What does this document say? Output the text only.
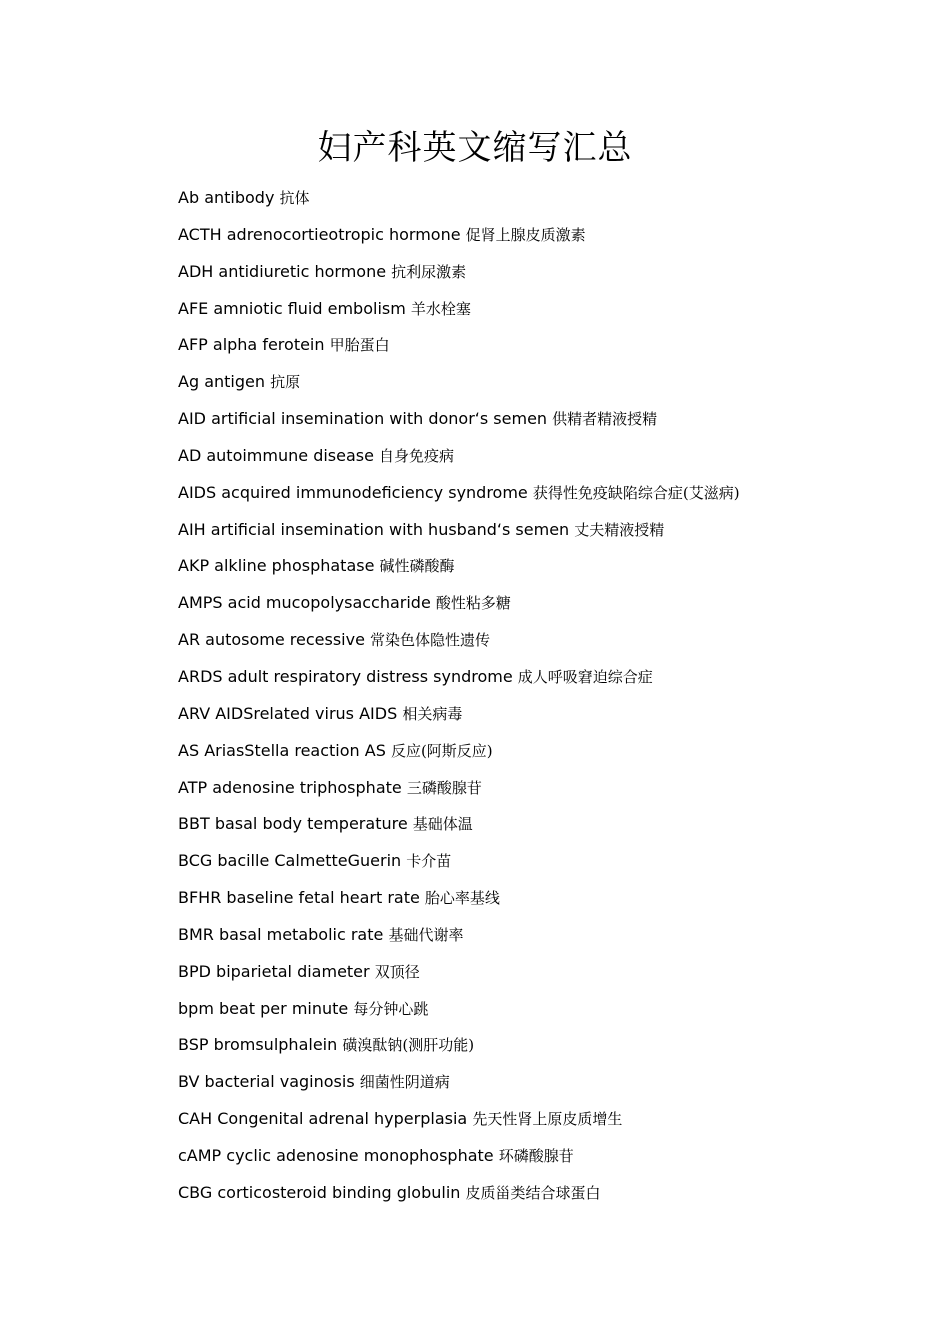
妇产科英文缩写汇总
Ab antibody 抗体
ACTH adrenocortieotropic hormone 促肾上腺皮质激素
ADH antidiuretic hormone 抗利尿激素
AFE amniotic fluid embolism 羊水栓塞
AFP alpha ferotein 甲胎蛋白
Ag antigen 抗原
AID artificial insemination with donor‘s semen 供精者精液授精
AD autoimmune disease 自身免疫病
AIDS acquired immunodeficiency syndrome 获得性免疫缺陷综合症(艾滋病)
AIH artificial insemination with husband‘s semen 丈夫精液授精
AKP alkline phosphatase 碱性磷酸酶
AMPS acid mucopolysaccharide 酸性粘多糖
AR autosome recessive 常染色体隐性遗传
ARDS adult respiratory distress syndrome 成人呼吸窘迫综合症
ARV AIDSrelated virus AIDS 相关病毒
AS AriasStella reaction AS 反应(阿斯反应)
ATP adenosine triphosphate 三磷酸腺苷
BBT basal body temperature 基础体温
BCG bacille CalmetteGuerin 卡介苗
BFHR baseline fetal heart rate 胎心率基线
BMR basal metabolic rate 基础代谢率
BPD biparietal diameter 双顶径
bpm beat per minute 每分钟心跳
BSP bromsulphalein 磺溴酞钠(测肝功能)
BV bacterial vaginosis 细菌性阴道病
CAH Congenital adrenal hyperplasia 先天性肾上原皮质增生
cAMP cyclic adenosine monophosphate 环磷酸腺苷
CBG corticosteroid binding globulin 皮质甾类结合球蛋白
